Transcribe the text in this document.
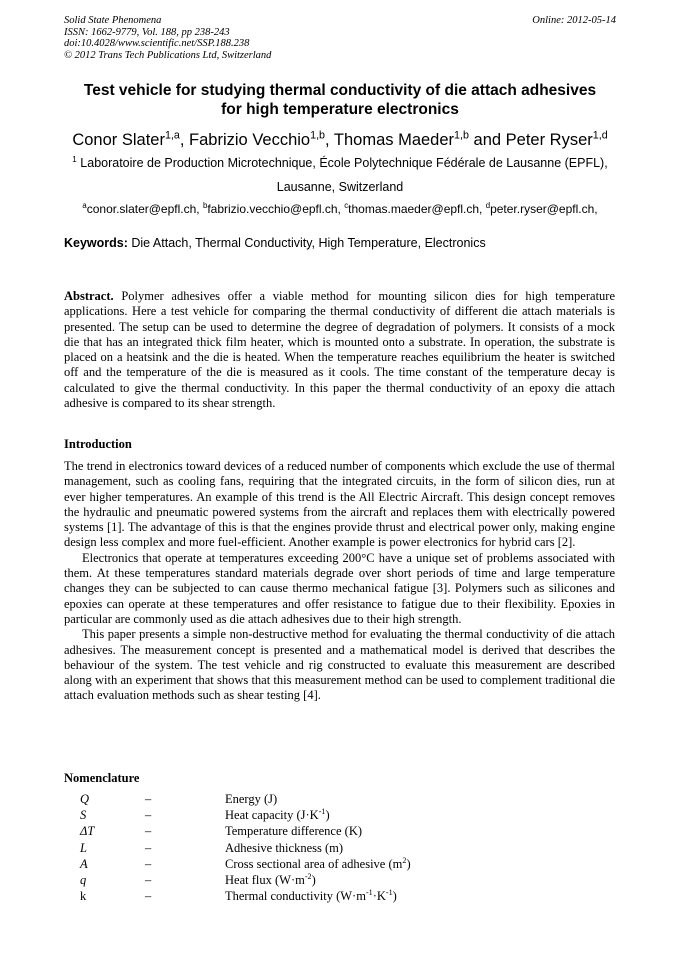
Solid State Phenomena
ISSN: 1662-9779, Vol. 188, pp 238-243
doi:10.4028/www.scientific.net/SSP.188.238
© 2012 Trans Tech Publications Ltd, Switzerland
Online: 2012-05-14
Test vehicle for studying thermal conductivity of die attach adhesives
for high temperature electronics
Conor Slater$^{1,a}$, Fabrizio Vecchio$^{1,b}$, Thomas Maeder$^{1,b}$ and Peter Ryser$^{1,d}$
$^1$ Laboratoire de Production Microtechnique, École Polytechnique Fédérale de Lausanne (EPFL),
Lausanne, Switzerland
$^a$conor.slater@epfl.ch, $^b$fabrizio.vecchio@epfl.ch, $^c$thomas.maeder@epfl.ch, $^d$peter.ryser@epfl.ch,
Keywords: Die Attach, Thermal Conductivity, High Temperature, Electronics
Abstract. Polymer adhesives offer a viable method for mounting silicon dies for high temperature applications. Here a test vehicle for comparing the thermal conductivity of different die attach materials is presented. The setup can be used to determine the degree of degradation of polymers. It consists of a mock die that has an integrated thick film heater, which is mounted onto a substrate. In operation, the substrate is placed on a heatsink and the die is heated. When the temperature reaches equilibrium the heater is switched off and the temperature of the die is measured as it cools. The time constant of the temperature decay is calculated to give the thermal conductivity. In this paper the thermal conductivity of an epoxy die attach adhesive is compared to its shear strength.
Introduction

The trend in electronics toward devices of a reduced number of components which exclude the use of thermal management, such as cooling fans, requiring that the integrated circuits, in the form of silicon dies, run at ever higher temperatures. An example of this trend is the All Electric Aircraft. This design concept removes the hydraulic and pneumatic powered systems from the aircraft and replaces them with electrically powered systems [1]. The advantage of this is that the engines provide thrust and electrical power only, making engine design less complex and more fuel-efficient. Another example is power electronics for hybrid cars [2].

Electronics that operate at temperatures exceeding 200°C have a unique set of problems associated with them. At these temperatures standard materials degrade over short periods of time and large temperature changes they can be subjected to can cause thermo mechanical fatigue [3]. Polymers such as silicones and epoxies can operate at these temperatures and offer resistance to fatigue due to their flexibility. Epoxies in particular are commonly used as die attach adhesives due to their high strength.

This paper presents a simple non-destructive method for evaluating the thermal conductivity of die attach adhesives. The measurement concept is presented and a mathematical model is derived that describes the behaviour of the system. The test vehicle and rig constructed to evaluate this measurement are described along with an experiment that shows that this measurement method can be used to complement traditional die attach evaluation methods such as shear testing [4].

Nomenclature
Q	–	Energy (J)
S	–	Heat capacity $(J\cdot K^{-1})$
ΔT	–	Temperature difference (K)
L	–	Adhesive thickness (m)
A	–	Cross sectional area of adhesive $(m^2)$
q	–	Heat flux $(W\cdot m^{-2})$
k	–	Thermal conductivity $(W\cdot m^{-1}\cdot K^{-1})$
